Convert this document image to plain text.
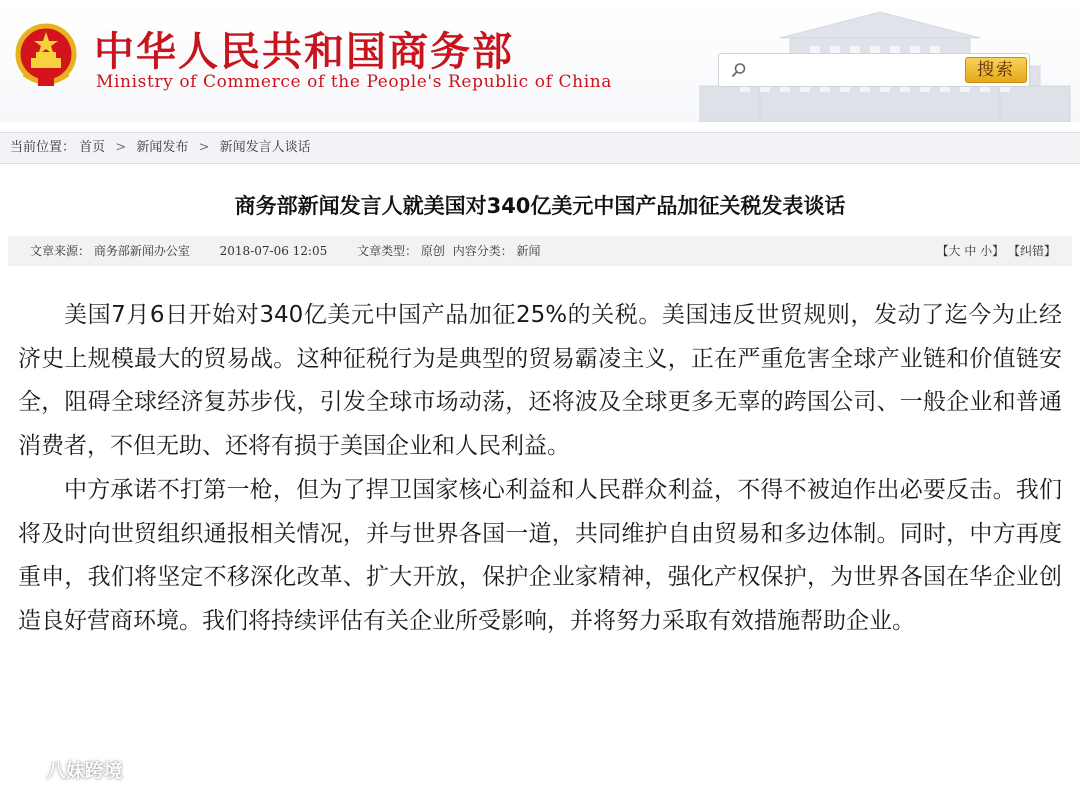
中华人民共和国商务部
Ministry of Commerce of the People's Republic of China
搜索
当前位置： 首页 > 新闻发布 > 新闻发言人谈话
商务部新闻发言人就美国对340亿美元中国产品加征关税发表谈话
文章来源： 商务部新闻办公室 2018-07-06 12:05 文章类型： 原创 内容分类： 新闻	【大 中 小】 【纠错】

美国7月6日开始对340亿美元中国产品加征25%的关税。美国违反世贸规则，发动了迄今为止经济史上规模最大的贸易战。这种征税行为是典型的贸易霸凌主义，正在严重危害全球产业链和价值链安全，阻碍全球经济复苏步伐，引发全球市场动荡，还将波及全球更多无辜的跨国公司、一般企业和普通消费者，不但无助、还将有损于美国企业和人民利益。

中方承诺不打第一枪，但为了捍卫国家核心利益和人民群众利益，不得不被迫作出必要反击。我们将及时向世贸组织通报相关情况，并与世界各国一道，共同维护自由贸易和多边体制。同时，中方再度重申，我们将坚定不移深化改革、扩大开放，保护企业家精神，强化产权保护，为世界各国在华企业创造良好营商环境。我们将持续评估有关企业所受影响，并将努力采取有效措施帮助企业。

八妹跨境
